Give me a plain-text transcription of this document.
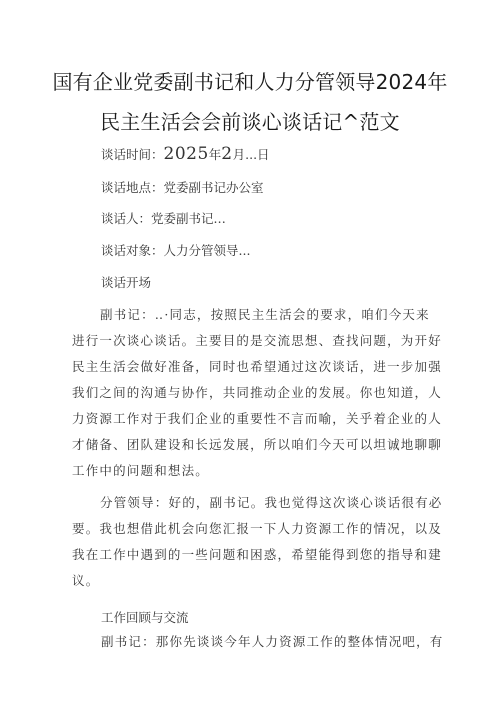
国有企业党委副书记和人力分管领导2024年
民主生活会会前谈心谈话记^范文
谈话时间：2025年2月...日
谈话地点：党委副书记办公室
谈话人：党委副书记.‥
谈话对象：人力分管领导...
谈话开场
副书记：‥·同志，按照民主生活会的要求，咱们今天来
进行一次谈心谈话。主要目的是交流思想、查找问题，为开好
民主生活会做好准备，同时也希望通过这次谈话，进一步加强
我们之间的沟通与协作，共同推动企业的发展。你也知道，人
力资源工作对于我们企业的重要性不言而喻，关乎着企业的人
才储备、团队建设和长远发展，所以咱们今天可以坦诚地聊聊
工作中的问题和想法。
分管领导：好的，副书记。我也觉得这次谈心谈话很有必
要。我也想借此机会向您汇报一下人力资源工作的情况，以及
我在工作中遇到的一些问题和困惑，希望能得到您的指导和建
议。
工作回顾与交流
副书记：那你先谈谈今年人力资源工作的整体情况吧，有
